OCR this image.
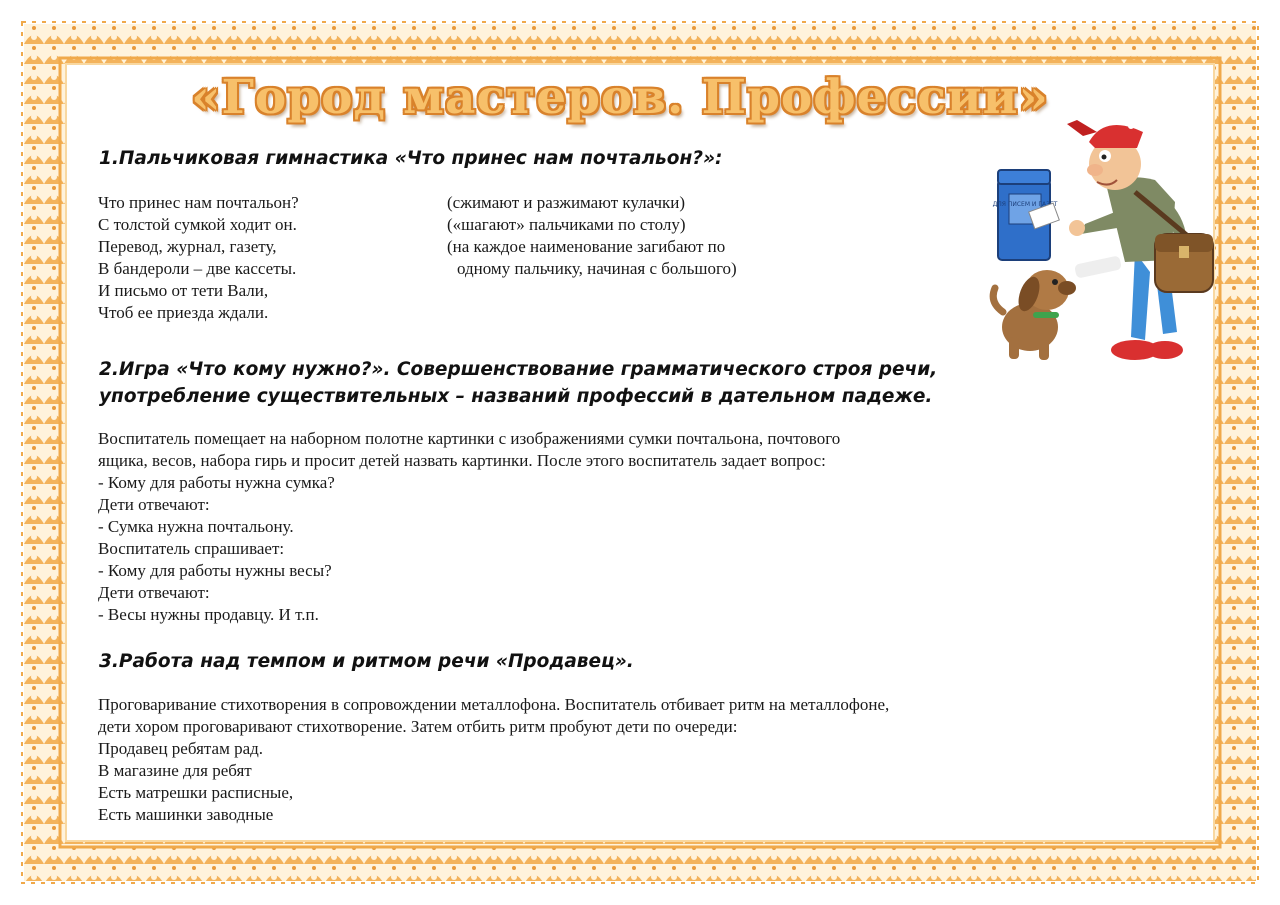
«Город мастеров. Профессии»
1.Пальчиковая гимнастика «Что принес нам почтальон?»:
Что принес нам почтальон?
С толстой сумкой ходит он.
Перевод, журнал, газету,
В бандероли – две кассеты.
И письмо от тети Вали,
Чтоб ее приезда ждали.
(сжимают и разжимают кулачки)
(«шагают» пальчиками по столу)
(на каждое наименование загибают по
одному пальчику, начиная с большого)
2.Игра «Что кому нужно?». Совершенствование грамматического строя речи,
употребление существительных – названий профессий в дательном падеже.
Воспитатель помещает на наборном полотне картинки с изображениями сумки почтальона, почтового
ящика, весов, набора гирь и просит детей назвать картинки. После этого воспитатель задает вопрос:
- Кому для работы нужна сумка?
Дети отвечают:
- Сумка нужна почтальону.
Воспитатель спрашивает:
- Кому для работы нужны весы?
Дети отвечают:
- Весы нужны продавцу. И т.п.
3.Работа над темпом и ритмом речи «Продавец».
Проговаривание стихотворения в сопровождении металлофона. Воспитатель отбивает ритм на металлофоне,
дети хором проговаривают стихотворение. Затем отбить ритм пробуют дети по очереди:
Продавец ребятам рад.
В магазине для ребят
Есть матрешки расписные,
Есть машинки заводные
ДЛЯ ПИСЕМ И ГАЗЕТ
